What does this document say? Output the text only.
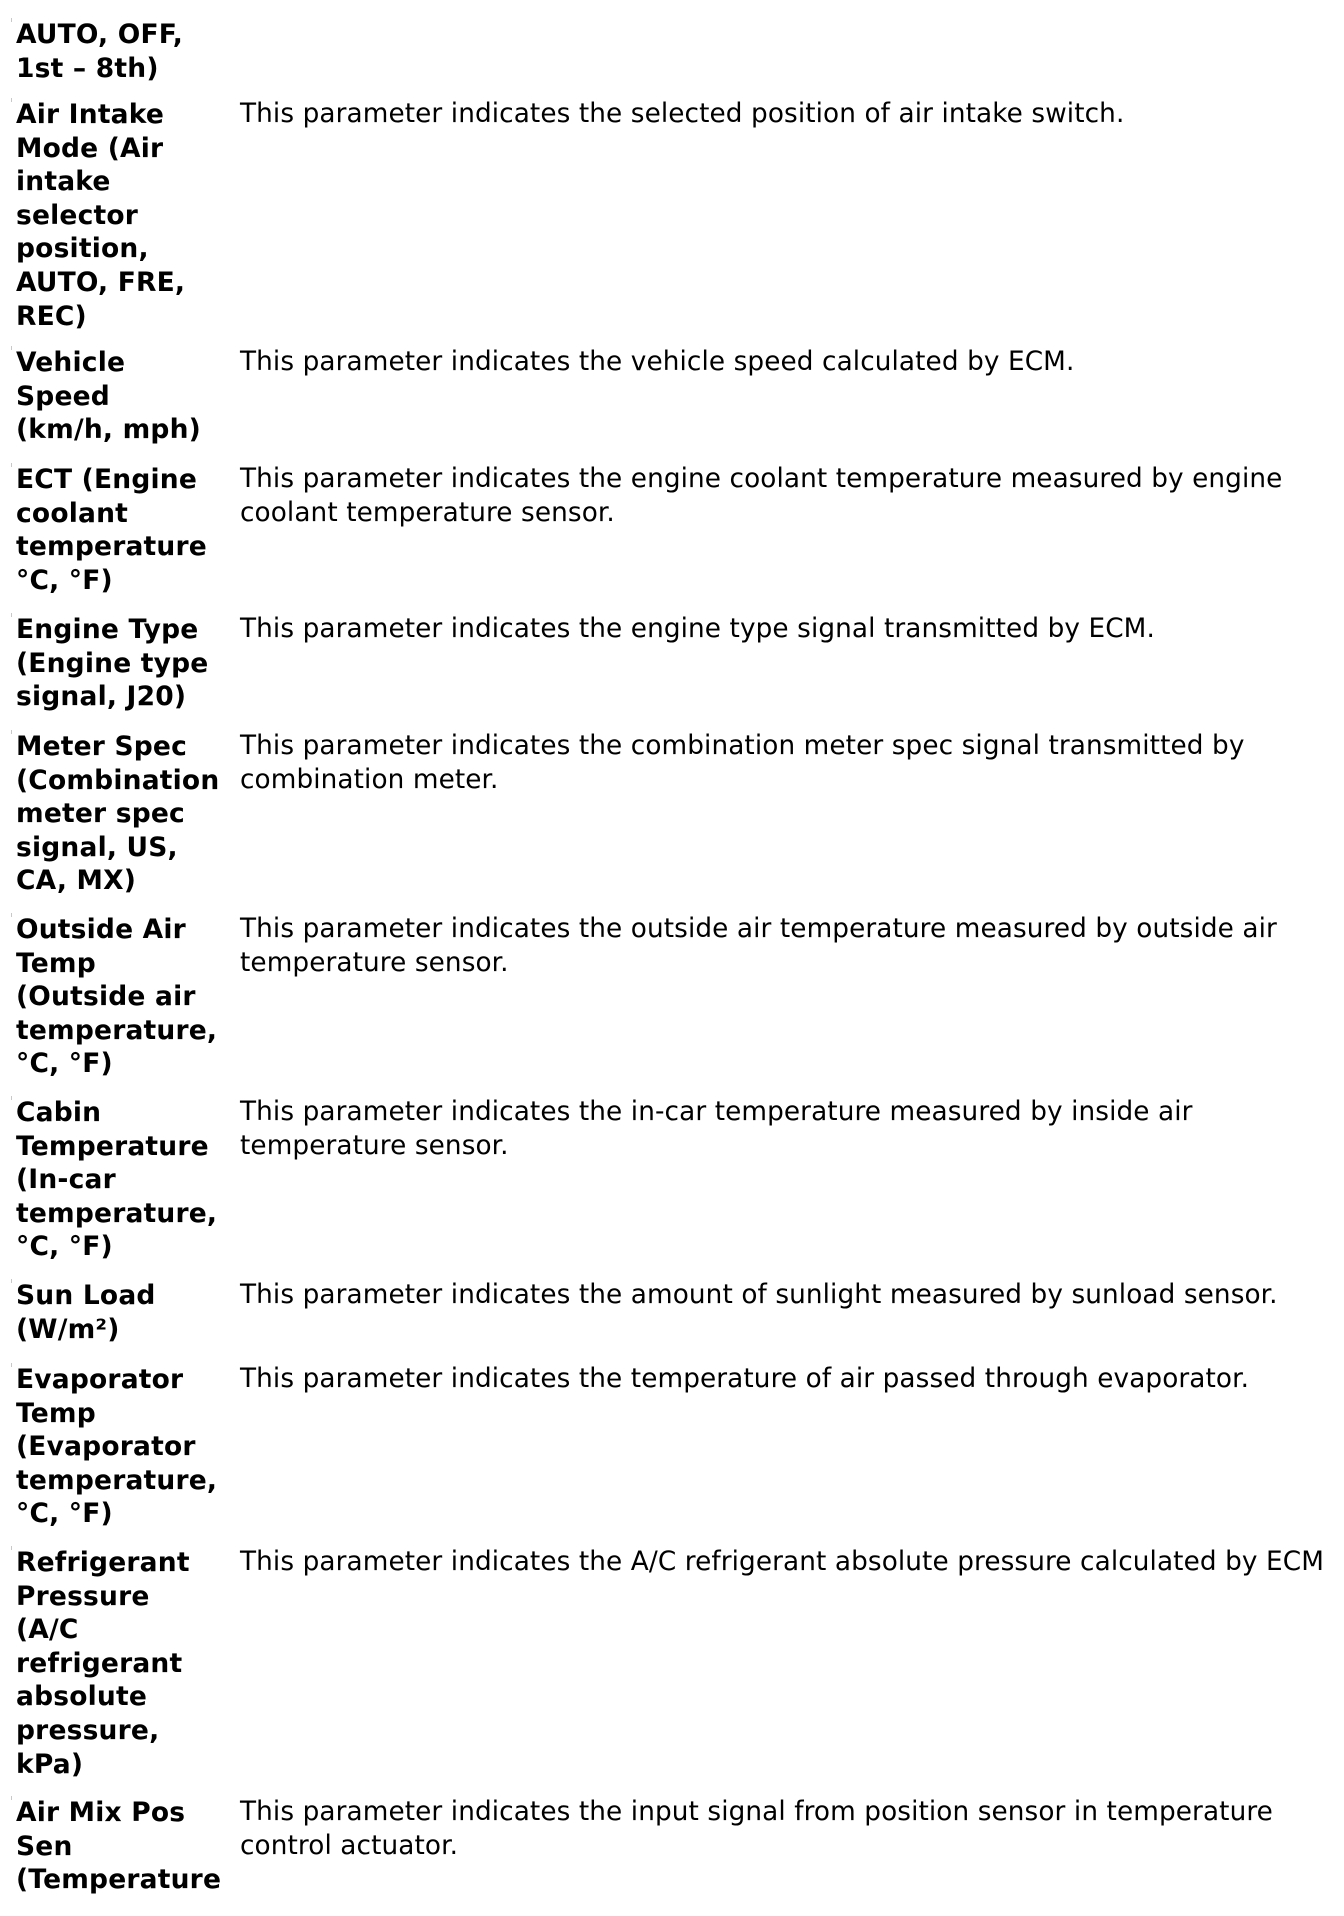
AUTO, OFF,
1st – 8th)
Air Intake
Mode (Air
intake
selector
position,
AUTO, FRE,
REC)
This parameter indicates the selected position of air intake switch.
Vehicle
Speed
(km/h, mph)
This parameter indicates the vehicle speed calculated by ECM.
ECT (Engine
coolant
temperature
°C, °F)
This parameter indicates the engine coolant temperature measured by engine coolant temperature sensor.
Engine Type
(Engine type
signal, J20)
This parameter indicates the engine type signal transmitted by ECM.
Meter Spec
(Combination
meter spec
signal, US,
CA, MX)
This parameter indicates the combination meter spec signal transmitted by combination meter.
Outside Air
Temp
(Outside air
temperature,
°C, °F)
This parameter indicates the outside air temperature measured by outside air temperature sensor.
Cabin
Temperature
(In-car
temperature,
°C, °F)
This parameter indicates the in-car temperature measured by inside air temperature sensor.
Sun Load
(W/m²)
This parameter indicates the amount of sunlight measured by sunload sensor.
Evaporator
Temp
(Evaporator
temperature,
°C, °F)
This parameter indicates the temperature of air passed through evaporator.
Refrigerant
Pressure
(A/C
refrigerant
absolute
pressure,
kPa)
This parameter indicates the A/C refrigerant absolute pressure calculated by ECM
Air Mix Pos
Sen
(Temperature
This parameter indicates the input signal from position sensor in temperature control actuator.
